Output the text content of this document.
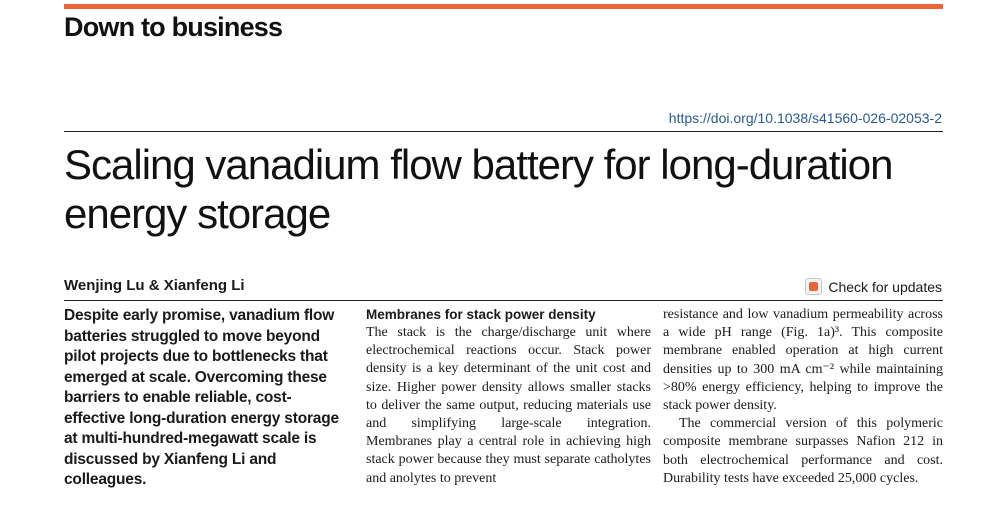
Down to business
https://doi.org/10.1038/s41560-026-02053-2
Scaling vanadium flow battery for long-duration energy storage
Wenjing Lu & Xianfeng Li	Check for updates

Despite early promise, vanadium flow batteries struggled to move beyond pilot projects due to bottlenecks that emerged at scale. Overcoming these barriers to enable reliable, cost-effective long-duration energy storage at multi-hundred-megawatt scale is discussed by Xianfeng Li and colleagues.

Membranes for stack power density

The stack is the charge/discharge unit where electrochemical reactions occur. Stack power density is a key determinant of the unit cost and size. Higher power density allows smaller stacks to deliver the same output, reducing materials use and simplifying large-scale integration. Membranes play a central role in achieving high stack power because they must separate catholytes and anolytes to prevent

resistance and low vanadium permeability across a wide pH range (Fig. 1a)³. This composite membrane enabled operation at high current densities up to 300 mA cm⁻² while maintaining >80% energy efficiency, helping to improve the stack power density.

The commercial version of this polymeric composite membrane surpasses Nafion 212 in both electrochemical performance and cost. Durability tests have exceeded 25,000 cycles.
